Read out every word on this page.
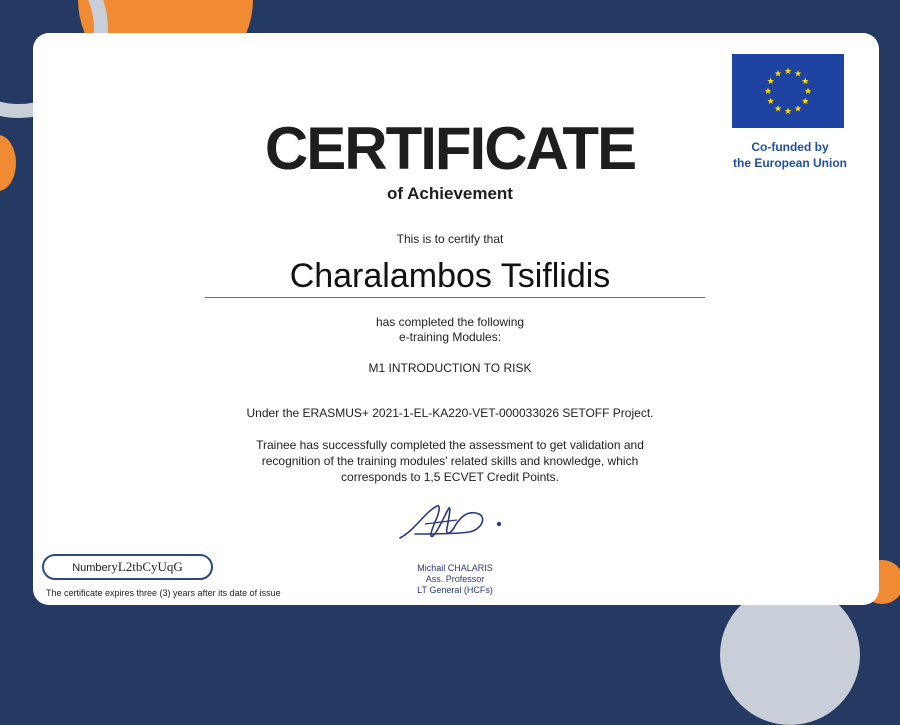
★ ★
★
★
★
★
★
★
★
★
★
★
Co-funded by
the European Union
CERTIFICATE
of Achievement
This is to certify that
Charalambos Tsiflidis
has completed the following
e-training Modules:
M1 INTRODUCTION TO RISK
Under the ERASMUS+ 2021-1-EL-KA220-VET-000033026 SETOFF Project.
Trainee has successfully completed the assessment to get validation and
recognition of the training modules' related skills and knowledge, which
corresponds to 1,5 ECVET Credit Points.
Michail CHALARIS
Ass. Professor
LT General (HCFs)
NumberyL2tbCyUqG
The certificate expires three (3) years after its date of issue
